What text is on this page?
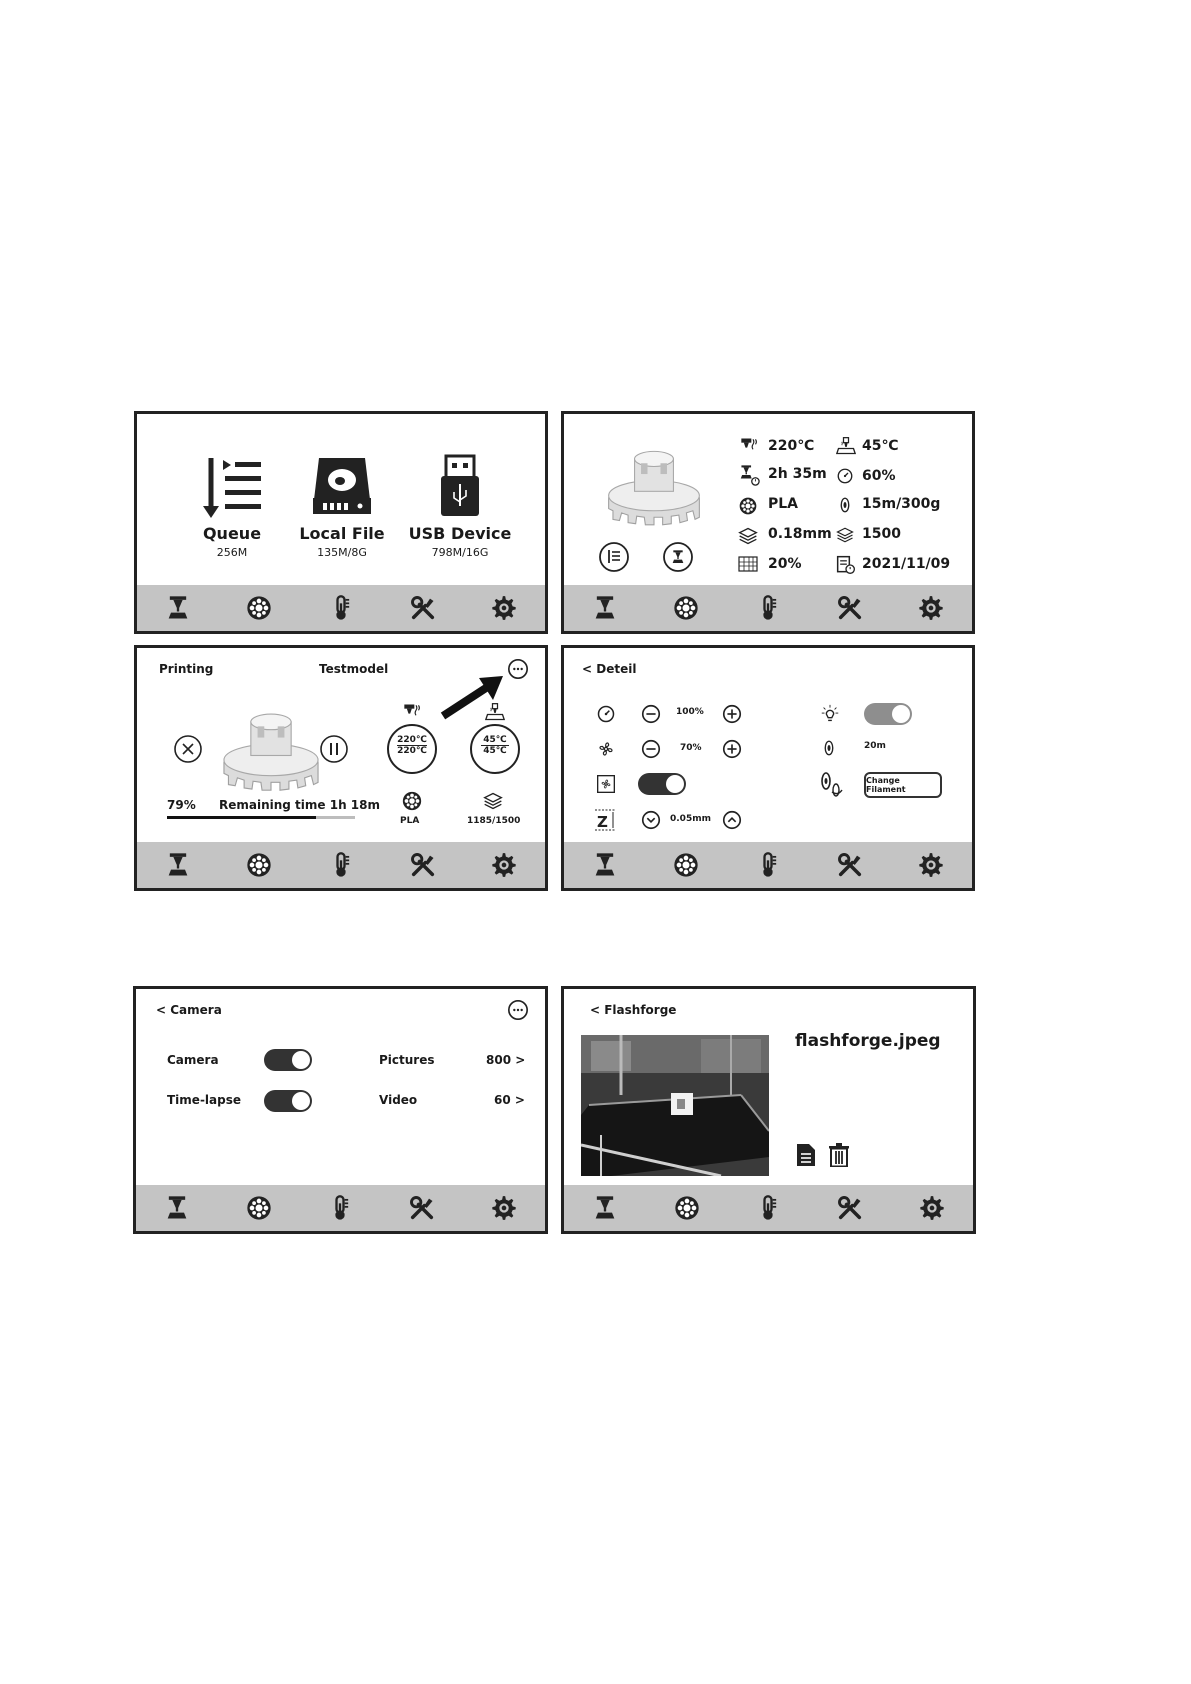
Queue
256M
Local File
135M/8G
USB Device
798M/16G
220℃	45℃
2h 35m	60%
PLA	15m/300g
0.18mm 1500
20%	2021/11/09
Printing	Testmodel
220℃
220℃
45℃
45℃
79% Remaining time 1h 18m
PLA	1185/1500
< Deteil
100%
70%
Z	0.05mm
20m
Change Filament
< Camera
Camera	Pictures	800 >
Time-lapse	Video	60 >
< Flashforge
flashforge.jpeg
